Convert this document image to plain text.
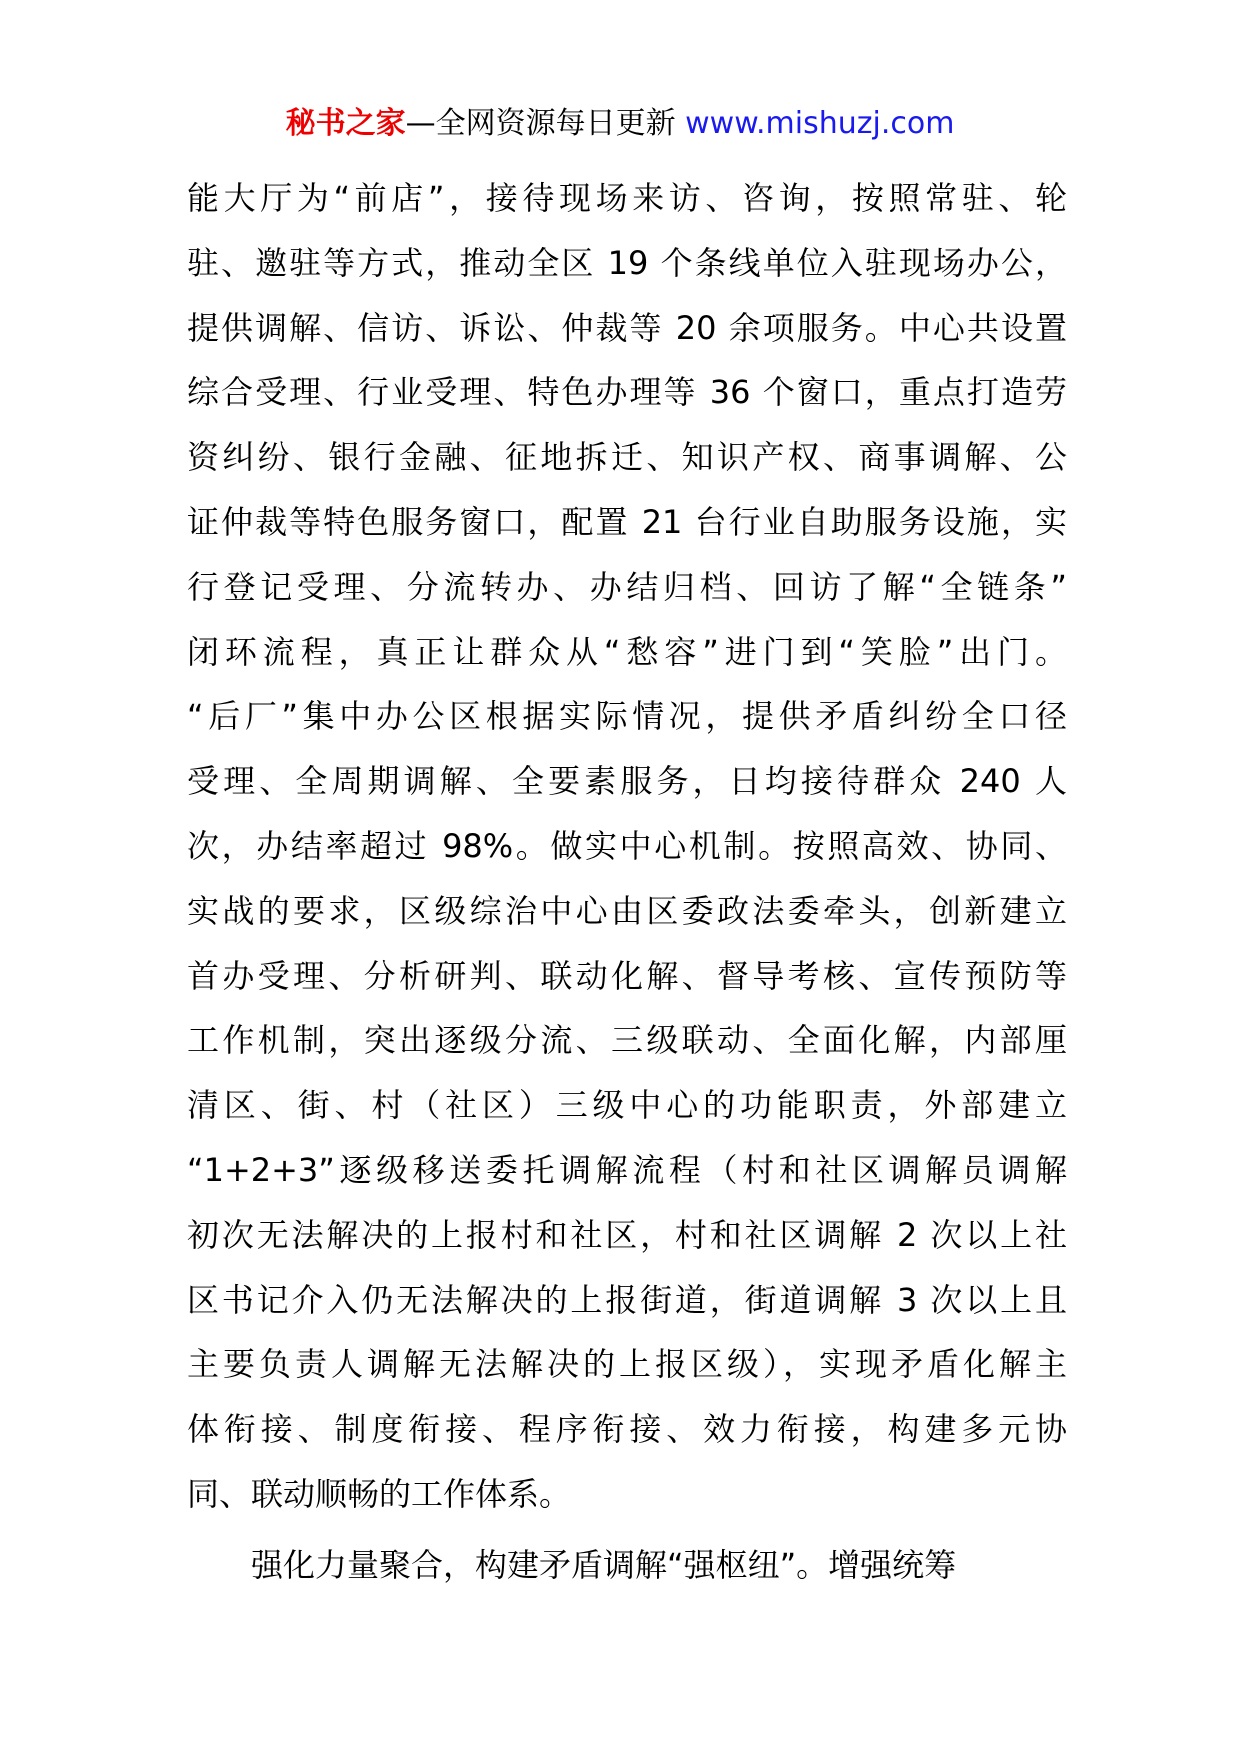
秘书之家—全网资源每日更新 www.mishuzj.com
能大厅为“前店”，接待现场来访、咨询，按照常驻、轮
驻、邀驻等方式，推动全区 19 个条线单位入驻现场办公，
提供调解、信访、诉讼、仲裁等 20 余项服务。中心共设置
综合受理、行业受理、特色办理等 36 个窗口，重点打造劳
资纠纷、银行金融、征地拆迁、知识产权、商事调解、公
证仲裁等特色服务窗口，配置 21 台行业自助服务设施，实
行登记受理、分流转办、办结归档、回访了解“全链条”
闭环流程，真正让群众从“愁容”进门到“笑脸”出门。
“后厂”集中办公区根据实际情况，提供矛盾纠纷全口径
受理、全周期调解、全要素服务，日均接待群众 240 人
次，办结率超过 98%。做实中心机制。按照高效、协同、
实战的要求，区级综治中心由区委政法委牵头，创新建立
首办受理、分析研判、联动化解、督导考核、宣传预防等
工作机制，突出逐级分流、三级联动、全面化解，内部厘
清区、街、村（社区）三级中心的功能职责，外部建立
“1+2+3”逐级移送委托调解流程（村和社区调解员调解
初次无法解决的上报村和社区，村和社区调解 2 次以上社
区书记介入仍无法解决的上报街道，街道调解 3 次以上且
主要负责人调解无法解决的上报区级），实现矛盾化解主
体衔接、制度衔接、程序衔接、效力衔接，构建多元协
同、联动顺畅的工作体系。
强化力量聚合，构建矛盾调解“强枢纽”。增强统筹
